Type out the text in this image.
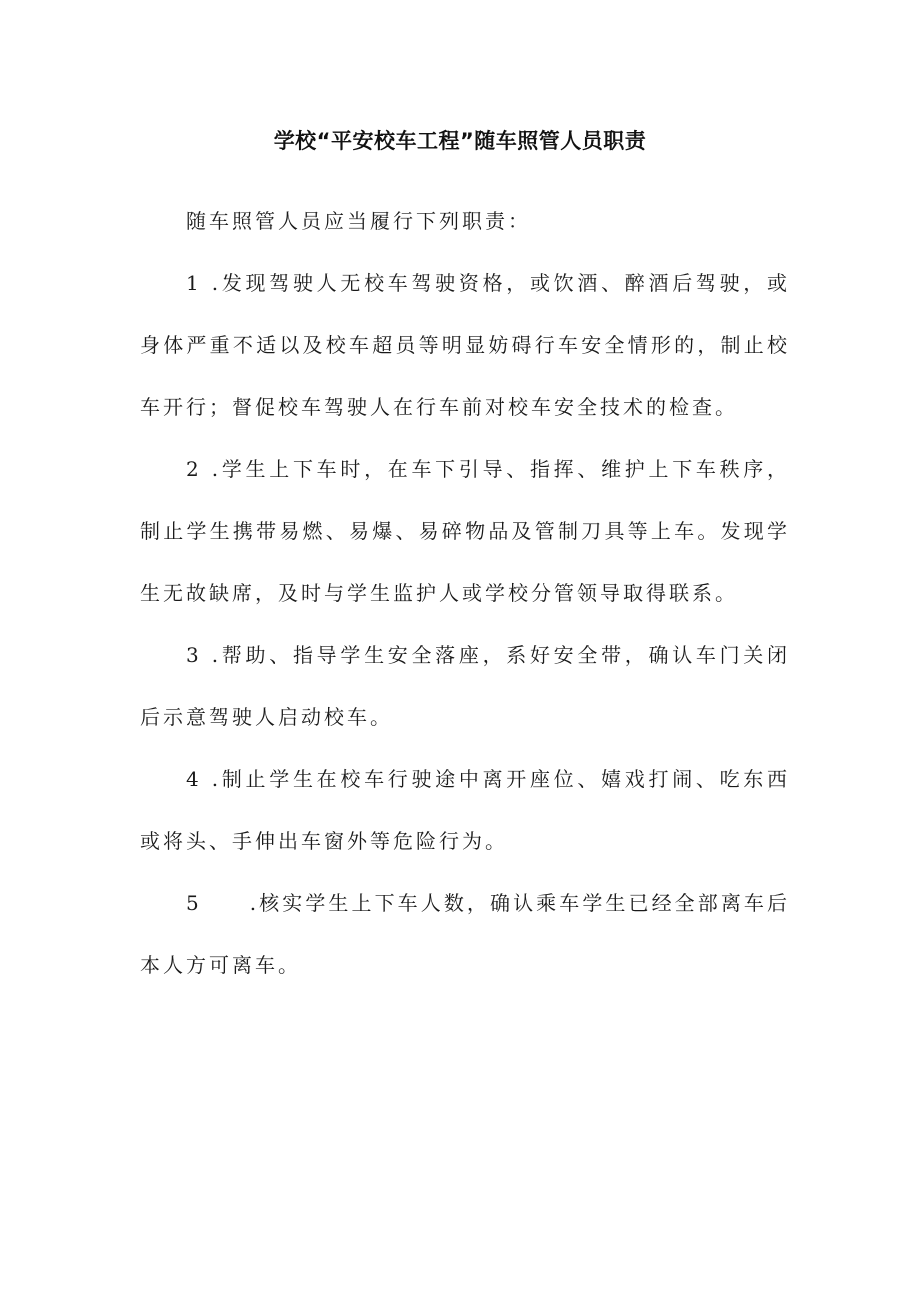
学校“平安校车工程”随车照管人员职责

随车照管人员应当履行下列职责：

1 .发现驾驶人无校车驾驶资格，或饮酒、醉酒后驾驶，或身体严重不适以及校车超员等明显妨碍行车安全情形的，制止校车开行；督促校车驾驶人在行车前对校车安全技术的检查。

2 .学生上下车时，在车下引导、指挥、维护上下车秩序，制止学生携带易燃、易爆、易碎物品及管制刀具等上车。发现学生无故缺席，及时与学生监护人或学校分管领导取得联系。

3 .帮助、指导学生安全落座，系好安全带，确认车门关闭后示意驾驶人启动校车。

4 .制止学生在校车行驶途中离开座位、嬉戏打闹、吃东西或将头、手伸出车窗外等危险行为。

5 .核实学生上下车人数，确认乘车学生已经全部离车后本人方可离车。
